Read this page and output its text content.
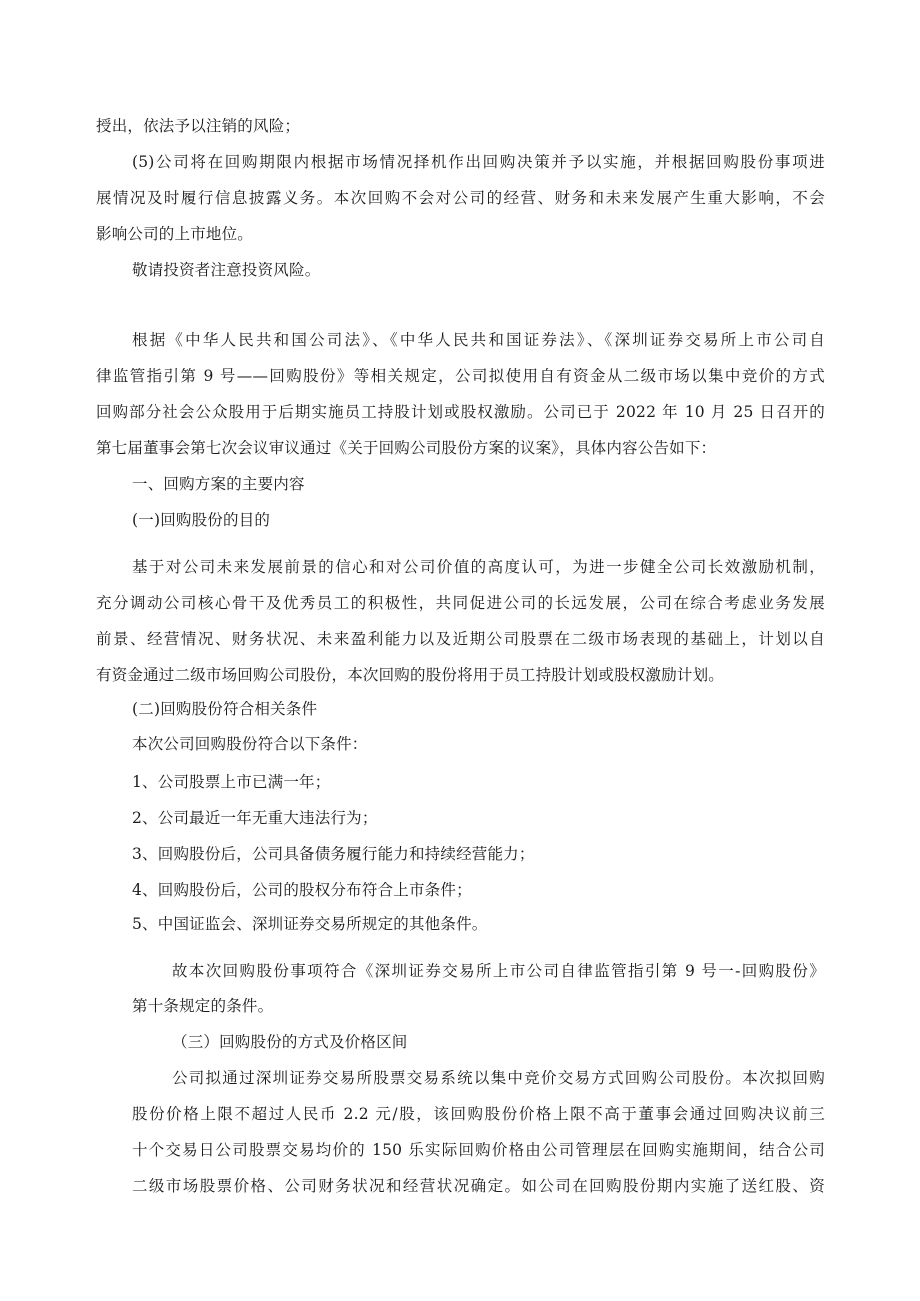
授出，依法予以注销的风险；
(5)公司将在回购期限内根据市场情况择机作出回购决策并予以实施，并根据回购股份事项进
展情况及时履行信息披露义务。本次回购不会对公司的经营、财务和未来发展产生重大影响，不会
影响公司的上市地位。
敬请投资者注意投资风险。
根据《中华人民共和国公司法》、《中华人民共和国证券法》、《深圳证券交易所上市公司自
律监管指引第 9 号——回购股份》等相关规定，公司拟使用自有资金从二级市场以集中竞价的方式
回购部分社会公众股用于后期实施员工持股计划或股权激励。公司已于 2022 年 10 月 25 日召开的
第七届董事会第七次会议审议通过《关于回购公司股份方案的议案》，具体内容公告如下：
一、回购方案的主要内容
(一)回购股份的目的
基于对公司未来发展前景的信心和对公司价值的高度认可，为进一步健全公司长效激励机制，
充分调动公司核心骨干及优秀员工的积极性，共同促进公司的长远发展，公司在综合考虑业务发展
前景、经营情况、财务状况、未来盈利能力以及近期公司股票在二级市场表现的基础上，计划以自
有资金通过二级市场回购公司股份，本次回购的股份将用于员工持股计划或股权激励计划。
(二)回购股份符合相关条件
本次公司回购股份符合以下条件：
1、公司股票上市已满一年；
2、公司最近一年无重大违法行为；
3、回购股份后，公司具备债务履行能力和持续经营能力；
4、回购股份后，公司的股权分布符合上市条件；
5、中国证监会、深圳证券交易所规定的其他条件。
故本次回购股份事项符合《深圳证券交易所上市公司自律监管指引第 9 号一-回购股份》
第十条规定的条件。
（三）回购股份的方式及价格区间
公司拟通过深圳证券交易所股票交易系统以集中竞价交易方式回购公司股份。本次拟回购
股份价格上限不超过人民币 2.2 元/股，该回购股份价格上限不高于董事会通过回购决议前三
十个交易日公司股票交易均价的 150 乐实际回购价格由公司管理层在回购实施期间，结合公司
二级市场股票价格、公司财务状况和经营状况确定。如公司在回购股份期内实施了送红股、资
